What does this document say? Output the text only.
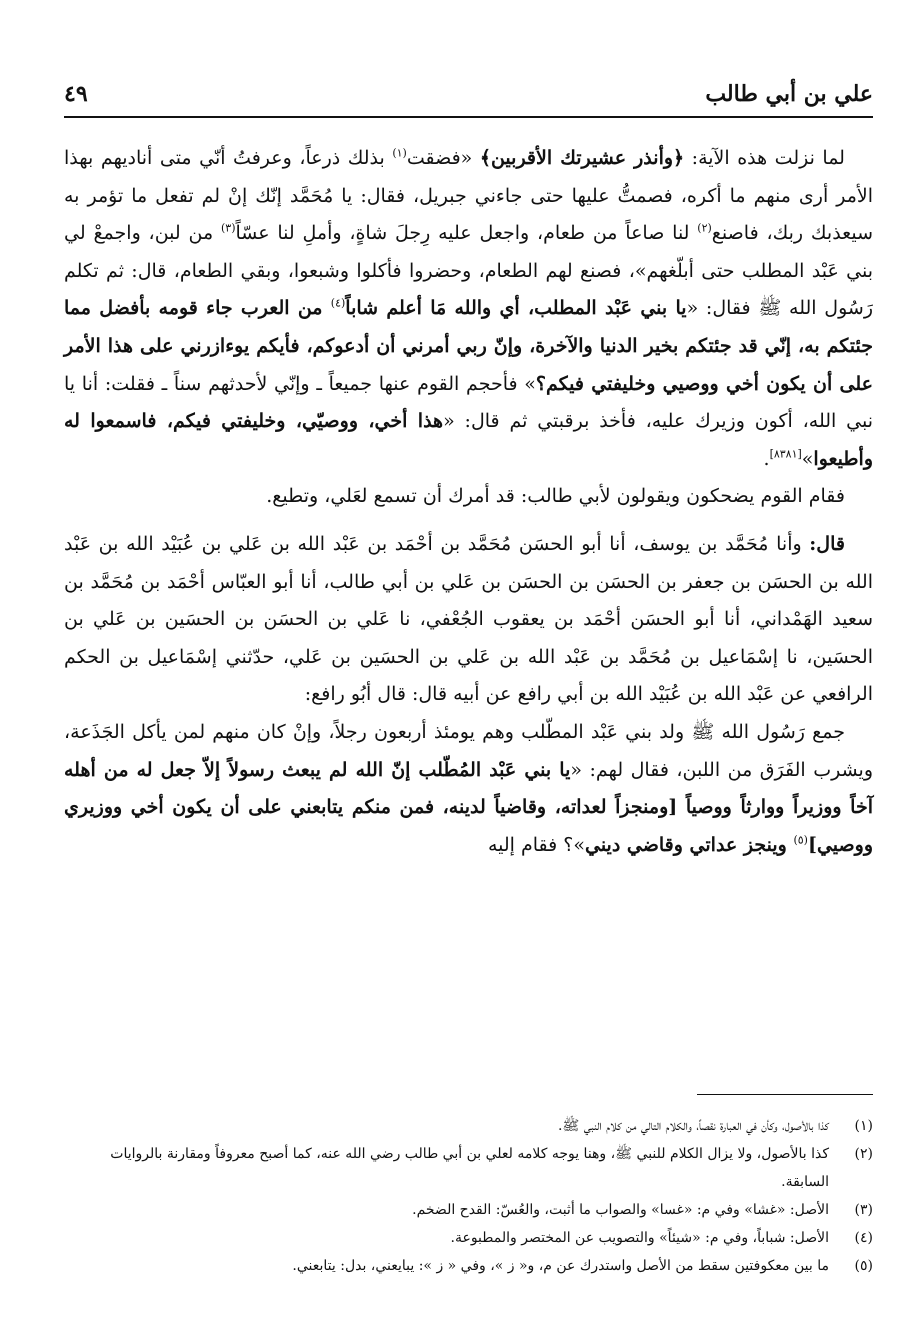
علي بن أبي طالب
٤٩

لما نزلت هذه الآية: ﴿وأنذر عشيرتك الأقربين﴾ «فضقت$^{(١)}$ بذلك ذرعاً، وعرفتُ أنّي متى أناديهم بهذا الأمر أرى منهم ما أكره، فصمتُّ عليها حتى جاءني جبريل، فقال: يا مُحَمَّد إنّك إنْ لم تفعل ما تؤمر به سيعذبك ربك، فاصنع$^{(٢)}$ لنا صاعاً من طعام، واجعل عليه رِجلَ شاةٍ، وأملِ لنا عسّاً$^{(٣)}$ من لبن، واجمعْ لي بني عَبْد المطلب حتى أبلّغهم»، فصنع لهم الطعام، وحضروا فأكلوا وشبعوا، وبقي الطعام، قال: ثم تكلم رَسُول الله ﷺ فقال: «يا بني عَبْد المطلب، أي والله مَا أعلم شاباً$^{(٤)}$ من العرب جاء قومه بأفضل مما جئتكم به، إنّي قد جئتكم بخير الدنيا والآخرة، وإنّ ربي أمرني أن أدعوكم، فأيكم يوءازرني على هذا الأمر على أن يكون أخي ووصيي وخليفتي فيكم؟» فأحجم القوم عنها جميعاً ـ وإنّي لأحدثهم سناً ـ فقلت: أنا يا نبي الله، أكون وزيرك عليه، فأخذ برقبتي ثم قال: «هذا أخي، ووصيّي، وخليفتي فيكم، فاسمعوا له وأطيعوا»[٨٣٨١].

فقام القوم يضحكون ويقولون لأبي طالب: قد أمرك أن تسمع لعَلي، وتطيع.

قال: وأنا مُحَمَّد بن يوسف، أنا أبو الحسَن مُحَمَّد بن أحْمَد بن عَبْد الله بن عَلي بن عُبَيْد الله بن عَبْد الله بن الحسَن بن جعفر بن الحسَن بن الحسَن بن عَلي بن أبي طالب، أنا أبو العبّاس أحْمَد بن مُحَمَّد بن سعيد الهَمْداني، أنا أبو الحسَن أحْمَد بن يعقوب الجُعْفي، نا عَلي بن الحسَن بن الحسَين بن عَلي بن الحسَين، نا إسْمَاعيل بن مُحَمَّد بن عَبْد الله بن عَلي بن الحسَين بن عَلي، حدّثني إسْمَاعيل بن الحكم الرافعي عن عَبْد الله بن عُبَيْد الله بن أبي رافع عن أبيه قال: قال أبُو رافع:

جمع رَسُول الله ﷺ ولد بني عَبْد المطّلب وهم يومئذ أربعون رجلاً، وإنْ كان منهم لمن يأكل الجَذَعة، ويشرب الفَرَق من اللبن، فقال لهم: «يا بني عَبْد المُطّلب إنّ الله لم يبعث رسولاً إلاّ جعل له من أهله آخاً ووزيراً ووارثاً ووصياً [ومنجزاً لعداته، وقاضياً لدينه، فمن منكم يتابعني على أن يكون أخي ووزيري ووصيي]$^{(٥)}$ وينجز عداتي وقاضي ديني»؟ فقام إليه

(١)
كذا بالأصول، وكأن في العبارة نقصاً، والكلام التالي من كلام النبي ﷺ.
(٢)
كذا بالأصول، ولا يزال الكلام للنبي ﷺ، وهنا يوجه كلامه لعلي بن أبي طالب رضي الله عنه، كما أصبح معروفاً ومقارنة بالروايات السابقة.
(٣)
الأصل: «غشا» وفي م: «غسا» والصواب ما أثبت، والعُسّ: القدح الضخم.
(٤)
الأصل: شباباً، وفي م: «شيئاً» والتصويب عن المختصر والمطبوعة.
(٥)
ما بين معكوفتين سقط من الأصل واستدرك عن م، و« ز »، وفي « ز »: يبايعني، بدل: يتابعني.
